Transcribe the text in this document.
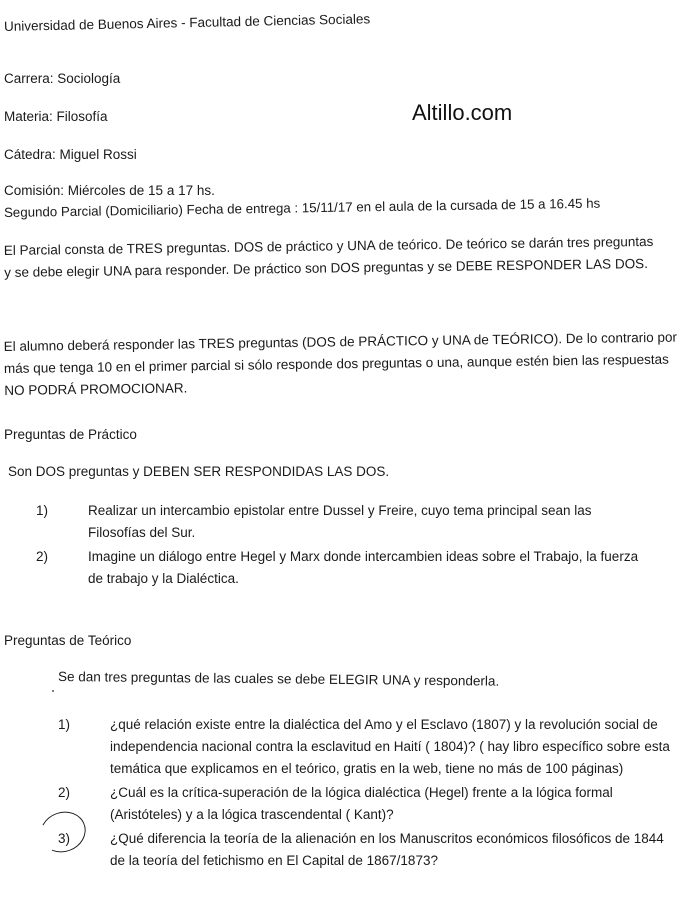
Universidad de Buenos Aires - Facultad de Ciencias Sociales
Carrera: Sociología
Materia: Filosofía	Altillo.com
Cátedra: Miguel Rossi
Comisión: Miércoles de 15 a 17 hs.
Segundo Parcial (Domiciliario) Fecha de entrega : 15/11/17 en el aula de la cursada de 15 a 16.45 hs
El Parcial consta de TRES preguntas. DOS de práctico y UNA de teórico. De teórico se darán tres preguntas y se debe elegir UNA para responder. De práctico son DOS preguntas y se DEBE RESPONDER LAS DOS.
El alumno deberá responder las TRES preguntas (DOS de PRÁCTICO y UNA de TEÓRICO). De lo contrario por más que tenga 10 en el primer parcial si sólo responde dos preguntas o una, aunque estén bien las respuestas NO PODRÁ PROMOCIONAR.
Preguntas de Práctico
Son DOS preguntas y DEBEN SER RESPONDIDAS LAS DOS.
1)	Realizar un intercambio epistolar entre Dussel y Freire, cuyo tema principal sean las Filosofías del Sur.
2)	Imagine un diálogo entre Hegel y Marx donde intercambien ideas sobre el Trabajo, la fuerza de trabajo y la Dialéctica.
Preguntas de Teórico
Se dan tres preguntas de las cuales se debe ELEGIR UNA y responderla.
1)	¿qué relación existe entre la dialéctica del Amo y el Esclavo (1807) y la revolución social de independencia nacional contra la esclavitud en Haití ( 1804)? ( hay libro específico sobre esta temática que explicamos en el teórico, gratis en la web, tiene no más de 100 páginas)
2)	¿Cuál es la crítica-superación de la lógica dialéctica (Hegel) frente a la lógica formal (Aristóteles) y a la lógica trascendental ( Kant)?
3)	¿Qué diferencia la teoría de la alienación en los Manuscritos económicos filosóficos de 1844 de la teoría del fetichismo en El Capital de 1867/1873?
